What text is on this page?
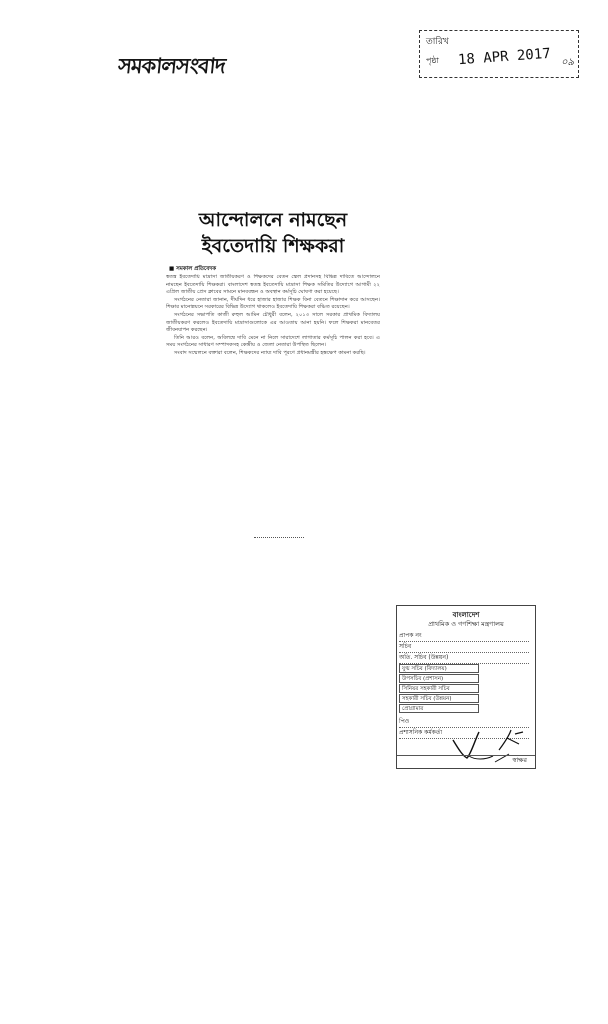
সমকালসংবাদ
তারিখ
পৃষ্ঠা 18 APR 2017 ০৯
আন্দোলনে নামছেন
ইবতেদায়ি শিক্ষকরা
■ সমকাল প্রতিবেদক

স্বতন্ত্র ইবতেদায়ি মাদ্রাসা জাতীয়করণ ও শিক্ষকদের বেতন স্কেল প্রদানসহ বিভিন্ন দাবিতে আন্দোলনে নামছেন ইবতেদায়ি শিক্ষকরা। বাংলাদেশ স্বতন্ত্র ইবতেদায়ি মাদ্রাসা শিক্ষক সমিতির উদ্যোগে আগামী ২২ এপ্রিল জাতীয় প্রেস ক্লাবের সামনে মানববন্ধন ও অবস্থান কর্মসূচি ঘোষণা করা হয়েছে।

সংগঠনের নেতারা জানান, দীর্ঘদিন ধরে হাজার হাজার শিক্ষক বিনা বেতনে শিক্ষাদান করে আসছেন। শিক্ষার মানোন্নয়নে সরকারের বিভিন্ন উদ্যোগ থাকলেও ইবতেদায়ি শিক্ষকরা বঞ্চিত রয়েছেন।

সংগঠনের সভাপতি কাজী রুহুল আমিন চৌধুরী বলেন, ২০১৩ সালে সরকার প্রাথমিক বিদ্যালয় জাতীয়করণ করলেও ইবতেদায়ি মাদ্রাসাগুলোকে এর আওতায় আনা হয়নি। ফলে শিক্ষকরা মানবেতর জীবনযাপন করছেন।

তিনি আরও বলেন, অবিলম্বে দাবি মেনে না নিলে সারাদেশে লাগাতার কর্মসূচি পালন করা হবে। এ সময় সংগঠনের সাধারণ সম্পাদকসহ কেন্দ্রীয় ও জেলা নেতারা উপস্থিত ছিলেন।

সংবাদ সম্মেলনে বক্তারা বলেন, শিক্ষকদের ন্যায্য দাবি পূরণে প্রধানমন্ত্রীর হস্তক্ষেপ কামনা করছি।

বাংলাদেশ
প্রাথমিক ও গণশিক্ষা মন্ত্রণালয়
প্রাপক নং
সচিব
অতি. সচিব (উন্নয়ন)
যুগ্ম সচিব (বিদ্যালয়)
উপসচিব (প্রশাসন)
সিনিয়র সহকারী সচিব
সহকারী সচিব (উন্নয়ন)
প্রোগ্রামার
পিও
প্রশাসনিক কর্মকর্তা
স্বাক্ষর
